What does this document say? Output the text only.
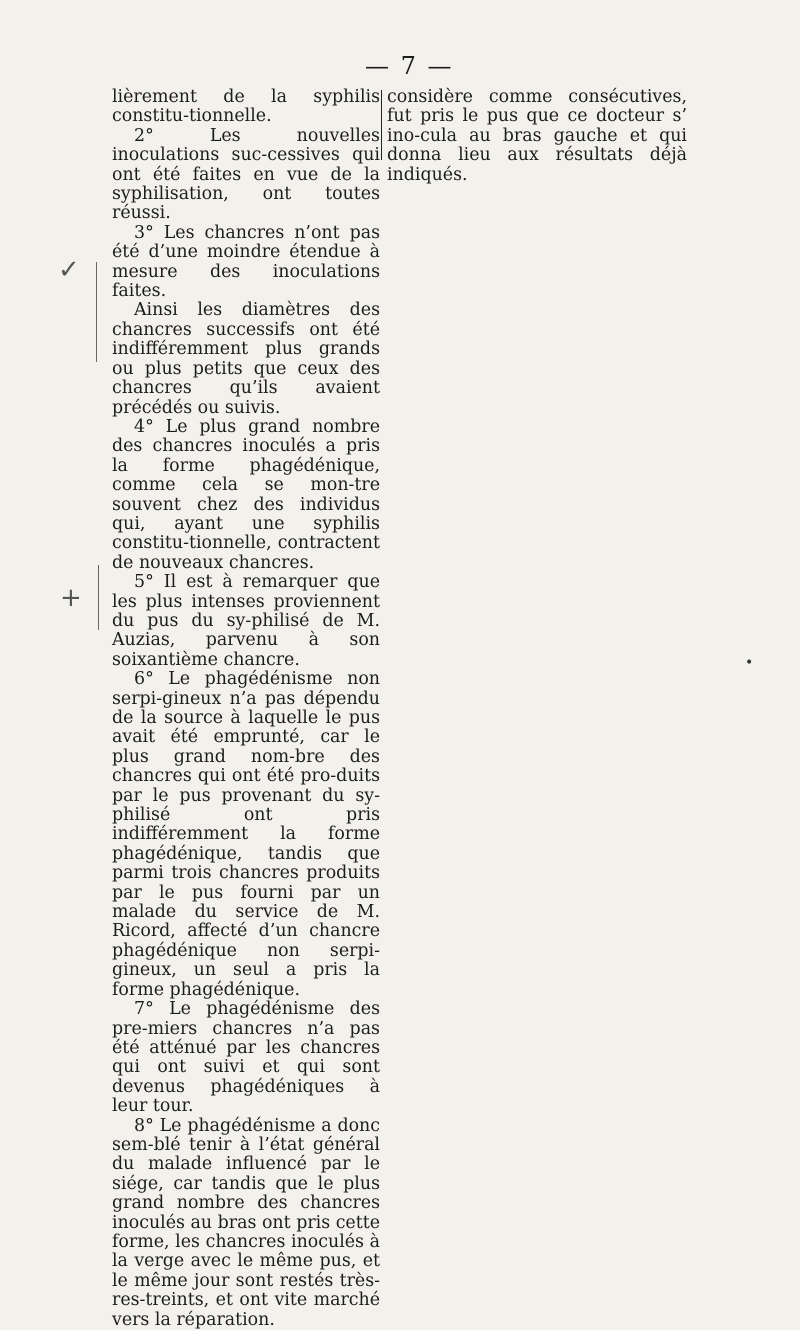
— 7 —

lièrement de la syphilis constitu-tionnelle.

2° Les nouvelles inoculations suc-cessives qui ont été faites en vue de la syphilisation, ont toutes réussi.

3° Les chancres n’ont pas été d’une moindre étendue à mesure des inoculations faites.

Ainsi les diamètres des chancres successifs ont été indifféremment plus grands ou plus petits que ceux des chancres qu’ils avaient précédés ou suivis.

4° Le plus grand nombre des chancres inoculés a pris la forme phagédénique, comme cela se mon-tre souvent chez des individus qui, ayant une syphilis constitu-tionnelle, contractent de nouveaux chancres.

5° Il est à remarquer que les plus intenses proviennent du pus du sy-philisé de M. Auzias, parvenu à son soixantième chancre.

6° Le phagédénisme non serpi-gineux n’a pas dépendu de la source à laquelle le pus avait été emprunté, car le plus grand nom-bre des chancres qui ont été pro-duits par le pus provenant du sy-philisé ont pris indifféremment la forme phagédénique, tandis que parmi trois chancres produits par le pus fourni par un malade du service de M. Ricord, affecté d’un chancre phagédénique non serpi-gineux, un seul a pris la forme phagédénique.

7° Le phagédénisme des pre-miers chancres n’a pas été atténué par les chancres qui ont suivi et qui sont devenus phagédéniques à leur tour.

8° Le phagédénisme a donc sem-blé tenir à l’état général du malade influencé par le siége, car tandis que le plus grand nombre des chancres inoculés au bras ont pris cette forme, les chancres inoculés à la verge avec le même pus, et le même jour sont restés très-res-treints, et ont vite marché vers la réparation.

considère comme consécutives, fut pris le pus que ce docteur s’ ino-cula au bras gauche et qui donna lieu aux résultats déjà indiqués.

✓
+
•
